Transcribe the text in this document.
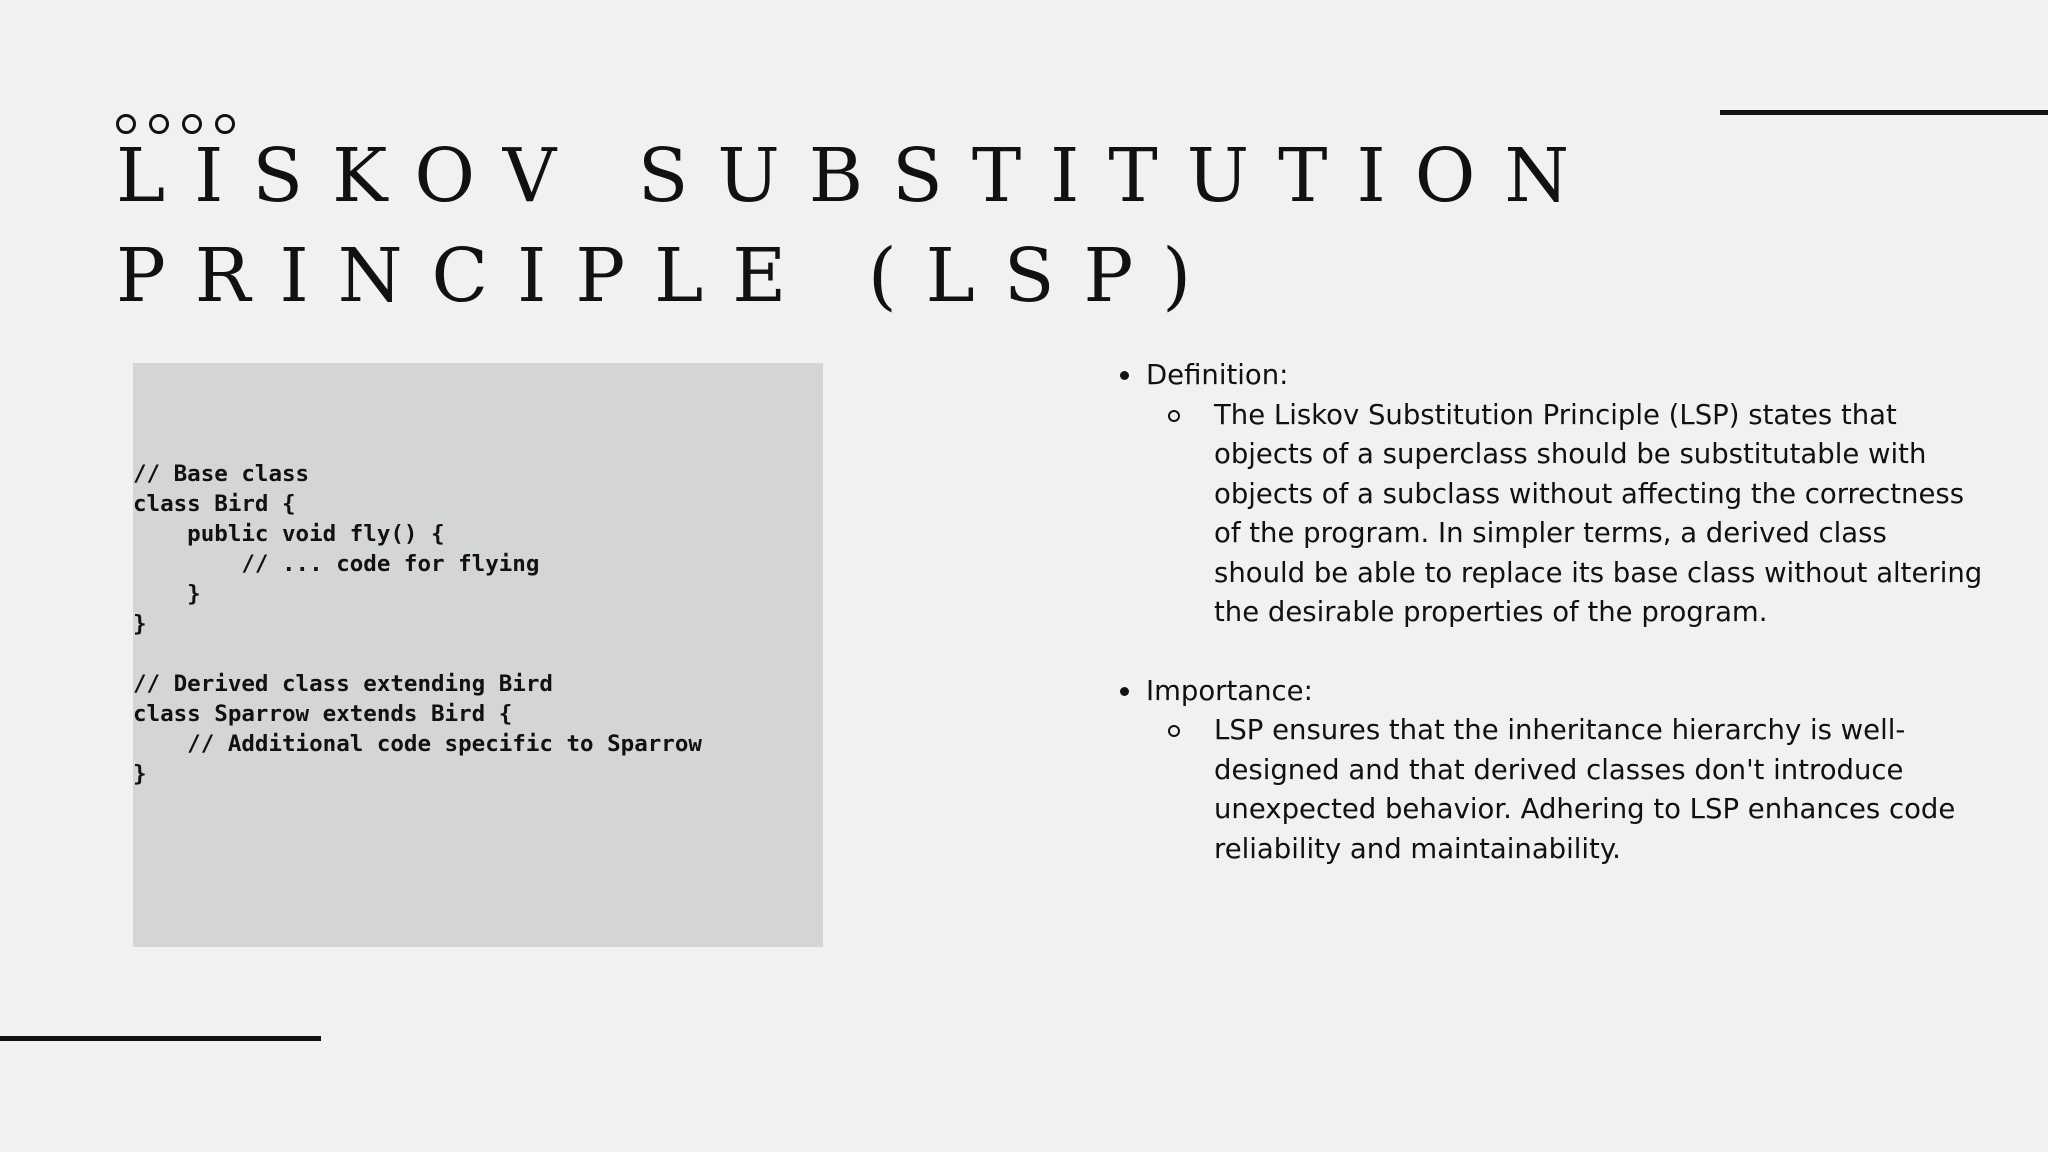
LISKOV SUBSTITUTION
PRINCIPLE (LSP)
// Base class
class Bird {
public void fly() {
// ... code for flying
}
}

// Derived class extending Bird
class Sparrow extends Bird {
// Additional code specific to Sparrow
}
Definition:
The Liskov Substitution Principle (LSP) states that objects of a superclass should be substitutable with objects of a subclass without affecting the correctness of the program. In simpler terms, a derived class should be able to replace its base class without altering the desirable properties of the program.
Importance:
LSP ensures that the inheritance hierarchy is well-designed and that derived classes don't introduce unexpected behavior. Adhering to LSP enhances code reliability and maintainability.
